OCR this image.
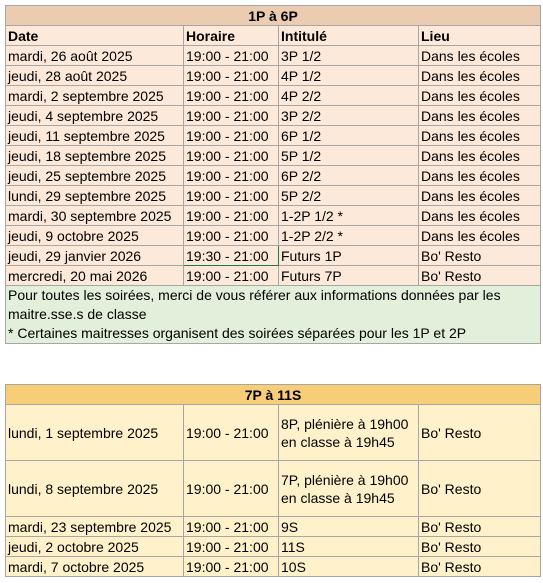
1P à 6P			
Date	Horaire	Intitulé	Lieu
mardi, 26 août 2025	19:00 - 21:00	3P 1/2	Dans les écoles
jeudi, 28 août 2025	19:00 - 21:00	4P 1/2	Dans les écoles
mardi, 2 septembre 2025	19:00 - 21:00	4P 2/2	Dans les écoles
jeudi, 4 septembre 2025	19:00 - 21:00	3P 2/2	Dans les écoles
jeudi, 11 septembre 2025	19:00 - 21:00	6P 1/2	Dans les écoles
jeudi, 18 septembre 2025	19:00 - 21:00	5P 1/2	Dans les écoles
jeudi, 25 septembre 2025	19:00 - 21:00	6P 2/2	Dans les écoles
lundi, 29 septembre 2025	19:00 - 21:00	5P 2/2	Dans les écoles
mardi, 30 septembre 2025	19:00 - 21:00	1-2P 1/2 *	Dans les écoles
jeudi, 9 octobre 2025	19:00 - 21:00	1-2P 2/2 *	Dans les écoles
jeudi, 29 janvier 2026	19:30 - 21:00	Futurs 1P	Bo' Resto
mercredi, 20 mai 2026	19:00 - 21:00	Futurs 7P	Bo' Resto

Pour toutes les soirées, merci de vous référer aux informations données par les maitre.sse.s de classe
* Certaines maitresses organisent des soirées séparées pour les 1P et 2P			
7P à 11S			
lundi, 1 septembre 2025	19:00 - 21:00	8P, plénière à 19h00 en classe à 19h45	Bo' Resto
lundi, 8 septembre 2025	19:00 - 21:00	7P, plénière à 19h00 en classe à 19h45	Bo' Resto
mardi, 23 septembre 2025	19:00 - 21:00	9S	Bo' Resto
jeudi, 2 octobre 2025	19:00 - 21:00	11S	Bo' Resto
mardi, 7 octobre 2025	19:00 - 21:00	10S	Bo' Resto
